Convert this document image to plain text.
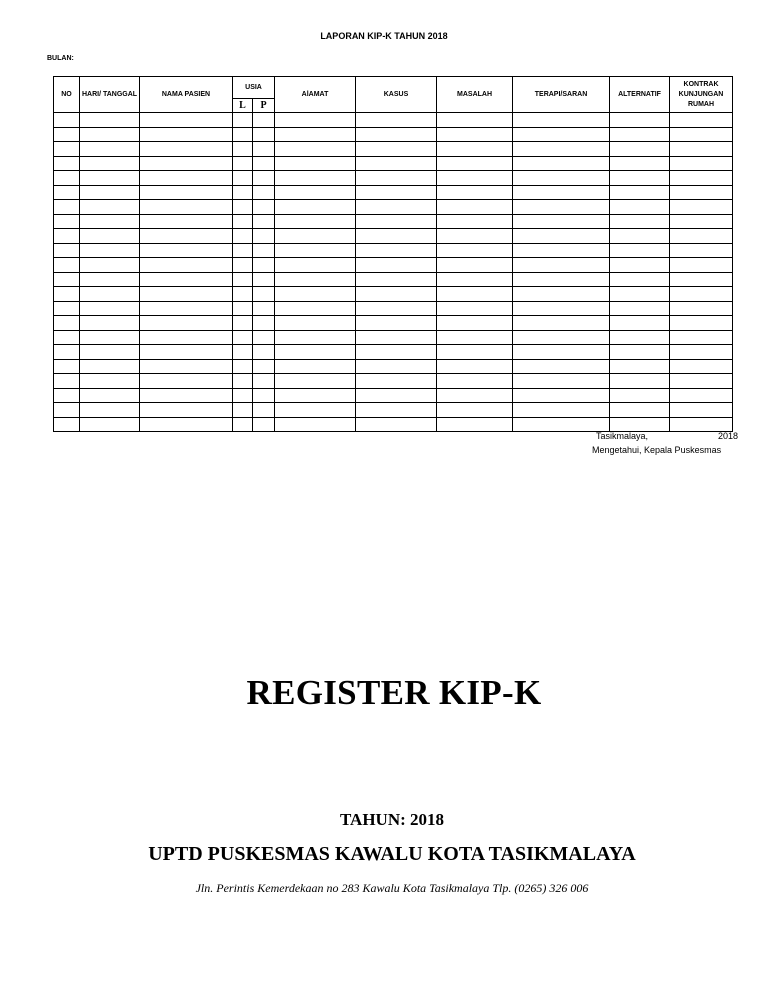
LAPORAN KIP-K TAHUN 2018
BULAN:
NO	HARI/ TANGGAL	NAMA PASIEN	USIA		AlAMAT	KASUS	MASALAH	TERAPI/SARAN	ALTERNATIF	KONTRAK KUNJUNGAN RUMAH
			L	P						

Tasikmalaya,	2018
Mengetahui, Kepala Puskesmas
REGISTER KIP-K
TAHUN: 2018
UPTD PUSKESMAS KAWALU KOTA TASIKMALAYA
Jln. Perintis Kemerdekaan no 283 Kawalu Kota Tasikmalaya Tlp. (0265) 326 006
